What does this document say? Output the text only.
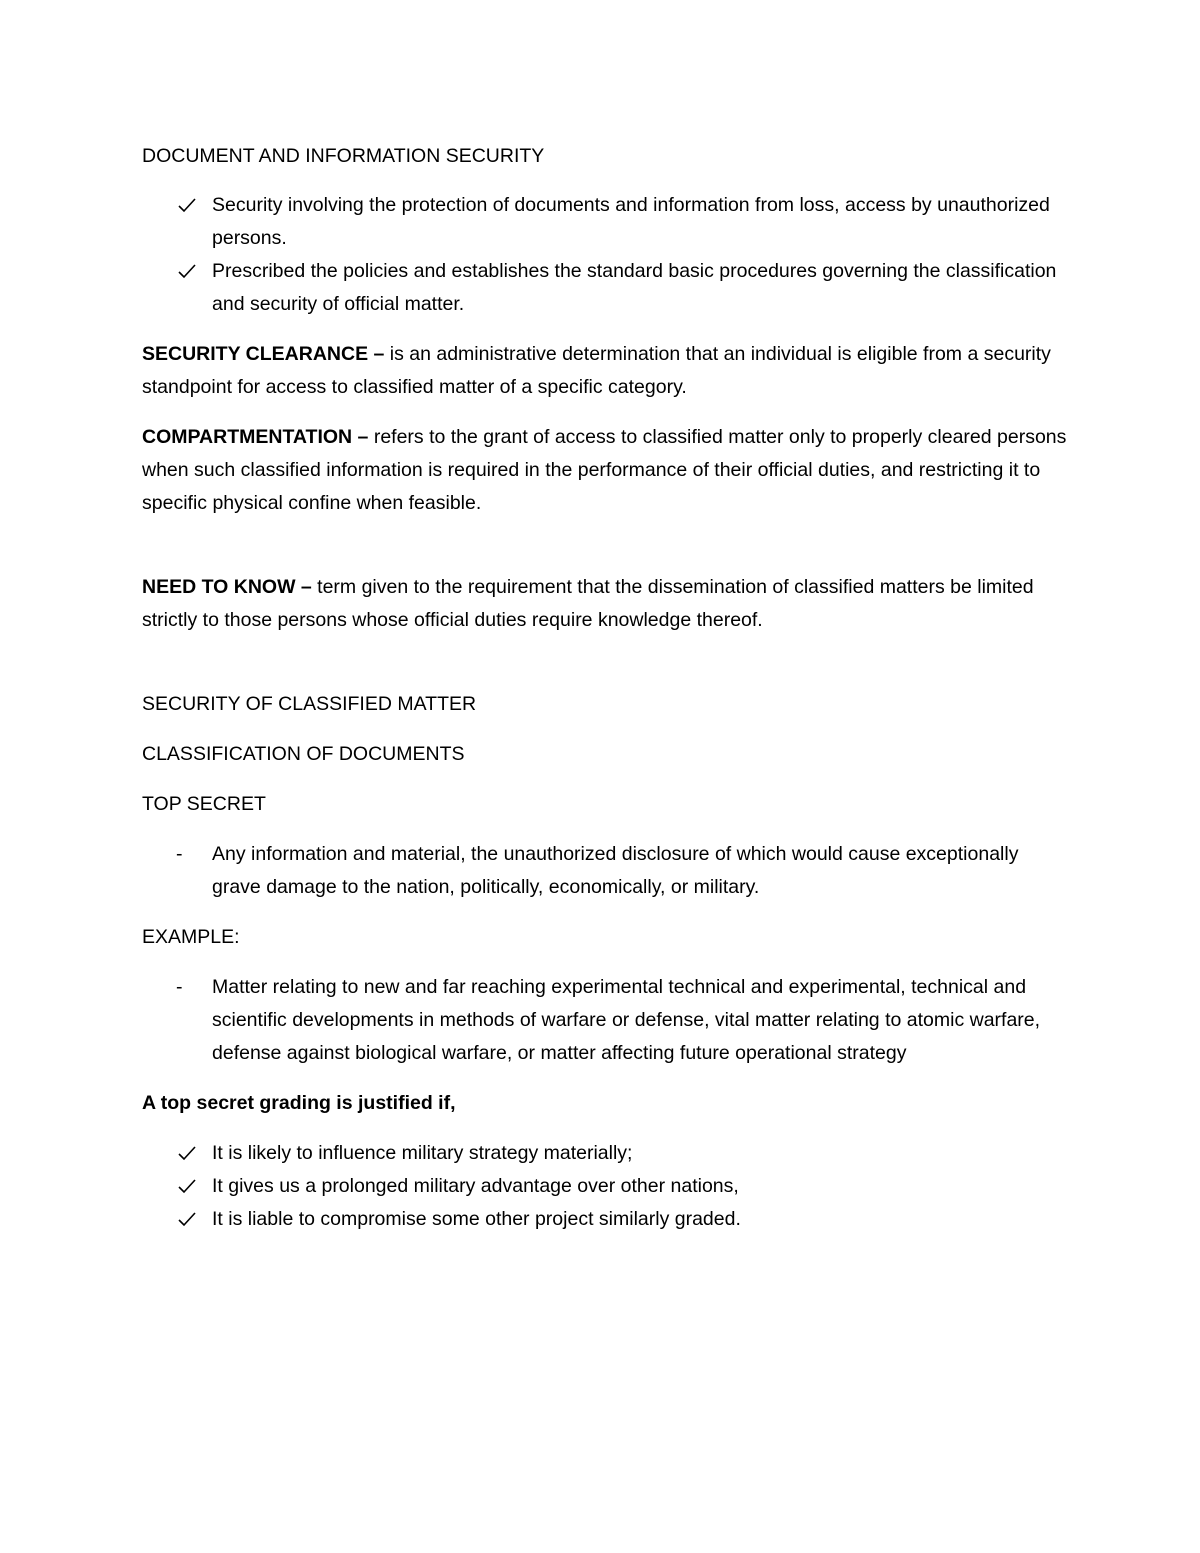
DOCUMENT AND INFORMATION SECURITY

Security involving the protection of documents and information from loss, access by unauthorized persons.
Prescribed the policies and establishes the standard basic procedures governing the classification and security of official matter.

SECURITY CLEARANCE – is an administrative determination that an individual is eligible from a security standpoint for access to classified matter of a specific category.

COMPARTMENTATION – refers to the grant of access to classified matter only to properly cleared persons when such classified information is required in the performance of their official duties, and restricting it to specific physical confine when feasible.

NEED TO KNOW – term given to the requirement that the dissemination of classified matters be limited strictly to those persons whose official duties require knowledge thereof.

SECURITY OF CLASSIFIED MATTER

CLASSIFICATION OF DOCUMENTS

TOP SECRET

-	Any information and material, the unauthorized disclosure of which would cause exceptionally grave damage to the nation, politically, economically, or military.

EXAMPLE:

-	Matter relating to new and far reaching experimental technical and experimental, technical and scientific developments in methods of warfare or defense, vital matter relating to atomic warfare, defense against biological warfare, or matter affecting future operational strategy

A top secret grading is justified if,

It is likely to influence military strategy materially;
It gives us a prolonged military advantage over other nations,
It is liable to compromise some other project similarly graded.
